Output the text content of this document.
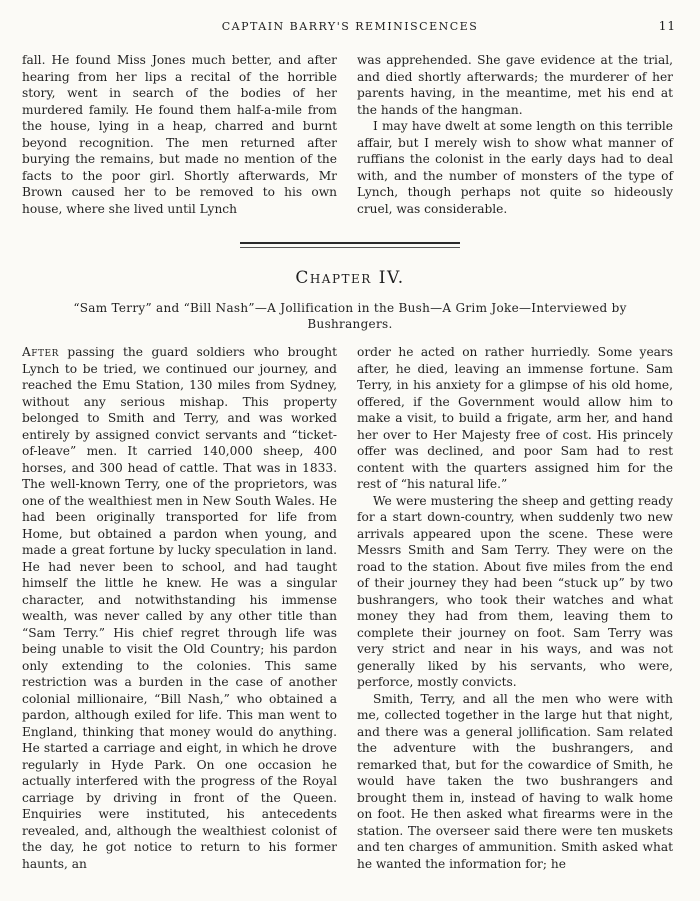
CAPTAIN BARRY'S REMINISCENCES	11

fall. He found Miss Jones much better, and after hearing from her lips a recital of the horrible story, went in search of the bodies of her murdered family. He found them half-a-mile from the house, lying in a heap, charred and burnt beyond recognition. The men returned after burying the remains, but made no mention of the facts to the poor girl. Shortly afterwards, Mr Brown caused her to be removed to his own house, where she lived until Lynch

was apprehended. She gave evidence at the trial, and died shortly afterwards; the murderer of her parents having, in the meantime, met his end at the hands of the hangman.

I may have dwelt at some length on this terrible affair, but I merely wish to show what manner of ruffians the colonist in the early days had to deal with, and the number of monsters of the type of Lynch, though perhaps not quite so hideously cruel, was considerable.

Chapter IV.
“Sam Terry” and “Bill Nash”—A Jollification in the Bush—A Grim Joke—Interviewed by Bushrangers.

After passing the guard soldiers who brought Lynch to be tried, we continued our journey, and reached the Emu Station, 130 miles from Sydney, without any serious mishap. This property belonged to Smith and Terry, and was worked entirely by assigned convict servants and “ticket-of-leave” men. It carried 140,000 sheep, 400 horses, and 300 head of cattle. That was in 1833. The well-known Terry, one of the proprietors, was one of the wealthiest men in New South Wales. He had been originally transported for life from Home, but obtained a pardon when young, and made a great fortune by lucky speculation in land. He had never been to school, and had taught himself the little he knew. He was a singular character, and notwithstanding his immense wealth, was never called by any other title than “Sam Terry.” His chief regret through life was being unable to visit the Old Country; his pardon only extending to the colonies. This same restriction was a burden in the case of another colonial millionaire, “Bill Nash,” who obtained a pardon, although exiled for life. This man went to England, thinking that money would do anything. He started a carriage and eight, in which he drove regularly in Hyde Park. On one occasion he actually interfered with the progress of the Royal carriage by driving in front of the Queen. Enquiries were instituted, his antecedents revealed, and, although the wealthiest colonist of the day, he got notice to return to his former haunts, an

order he acted on rather hurriedly. Some years after, he died, leaving an immense fortune. Sam Terry, in his anxiety for a glimpse of his old home, offered, if the Government would allow him to make a visit, to build a frigate, arm her, and hand her over to Her Majesty free of cost. His princely offer was declined, and poor Sam had to rest content with the quarters assigned him for the rest of “his natural life.”

We were mustering the sheep and getting ready for a start down-country, when suddenly two new arrivals appeared upon the scene. These were Messrs Smith and Sam Terry. They were on the road to the station. About five miles from the end of their journey they had been “stuck up” by two bushrangers, who took their watches and what money they had from them, leaving them to complete their journey on foot. Sam Terry was very strict and near in his ways, and was not generally liked by his servants, who were, perforce, mostly convicts.

Smith, Terry, and all the men who were with me, collected together in the large hut that night, and there was a general jollification. Sam related the adventure with the bushrangers, and remarked that, but for the cowardice of Smith, he would have taken the two bushrangers and brought them in, instead of having to walk home on foot. He then asked what firearms were in the station. The overseer said there were ten muskets and ten charges of ammunition. Smith asked what he wanted the information for; he
